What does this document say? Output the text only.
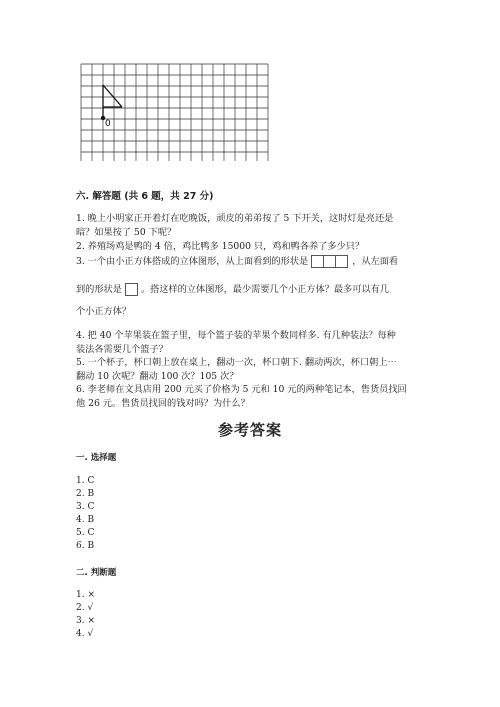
0
六. 解答题 (共 6 题，共 27 分)
1. 晚上小明家正开着灯在吃晚饭，顽皮的弟弟按了 5 下开关，这时灯是亮还是
暗？如果按了 50 下呢？
2. 养殖场鸡是鸭的 4 倍，鸡比鸭多 15000 只，鸡和鸭各养了多少只？
3. 一个由小正方体搭成的立体图形，从上面看到的形状是	，从左面看
到的形状是 。搭这样的立体图形，最少需要几个小正方体？最多可以有几
个小正方体？
4. 把 40 个苹果装在篮子里，每个篮子装的苹果个数同样多. 有几种装法？每种
装法各需要几个篮子？
5. 一个杯子，杯口朝上放在桌上，翻动一次，杯口朝下. 翻动两次，杯口朝上⋯
翻动 10 次呢？翻动 100 次？105 次？
6. 李老师在文具店用 200 元买了价格为 5 元和 10 元的两种笔记本，售货员找回
他 26 元。售货员找回的钱对吗？为什么？
参考答案
一. 选择题
1. C
2. B
3. C
4. B
5. C
6. B
二. 判断题
1. ×
2. √
3. ×
4. √
